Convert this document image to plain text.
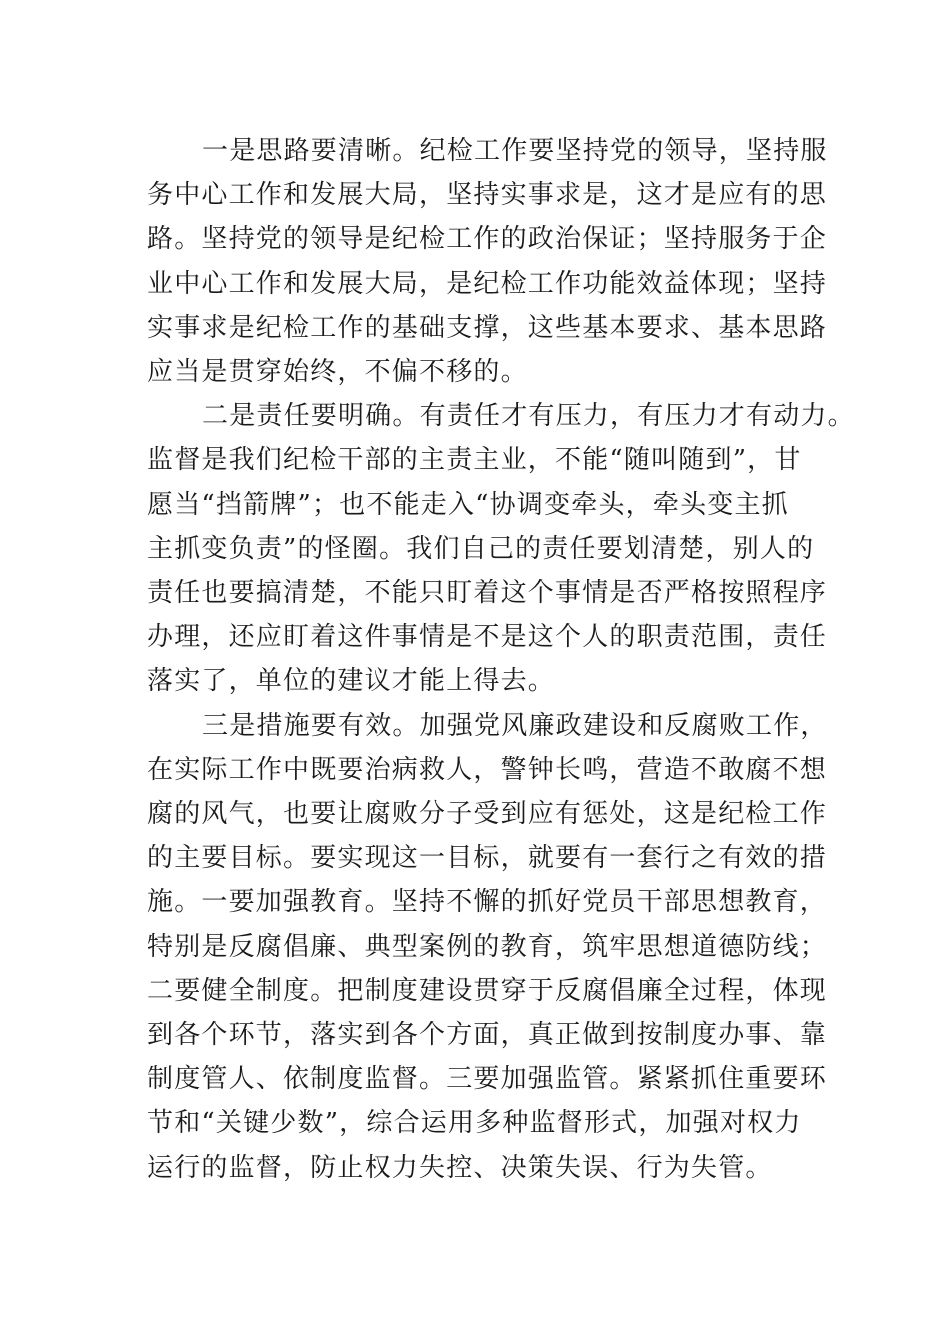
一是思路要清晰。纪检工作要坚持党的领导，坚持服
务中心工作和发展大局，坚持实事求是，这才是应有的思
路。坚持党的领导是纪检工作的政治保证；坚持服务于企
业中心工作和发展大局，是纪检工作功能效益体现；坚持
实事求是纪检工作的基础支撑，这些基本要求、基本思路
应当是贯穿始终，不偏不移的。

二是责任要明确。有责任才有压力，有压力才有动力。
监督是我们纪检干部的主责主业，不能“随叫随到”，甘
愿当“挡箭牌”；也不能走入“协调变牵头，牵头变主抓
主抓变负责”的怪圈。我们自己的责任要划清楚，别人的
责任也要搞清楚，不能只盯着这个事情是否严格按照程序
办理，还应盯着这件事情是不是这个人的职责范围，责任
落实了，单位的建议才能上得去。

三是措施要有效。加强党风廉政建设和反腐败工作，
在实际工作中既要治病救人，警钟长鸣，营造不敢腐不想
腐的风气，也要让腐败分子受到应有惩处，这是纪检工作
的主要目标。要实现这一目标，就要有一套行之有效的措
施。一要加强教育。坚持不懈的抓好党员干部思想教育，
特别是反腐倡廉、典型案例的教育，筑牢思想道德防线；
二要健全制度。把制度建设贯穿于反腐倡廉全过程，体现
到各个环节，落实到各个方面，真正做到按制度办事、靠
制度管人、依制度监督。三要加强监管。紧紧抓住重要环
节和“关键少数”，综合运用多种监督形式，加强对权力
运行的监督，防止权力失控、决策失误、行为失管。
